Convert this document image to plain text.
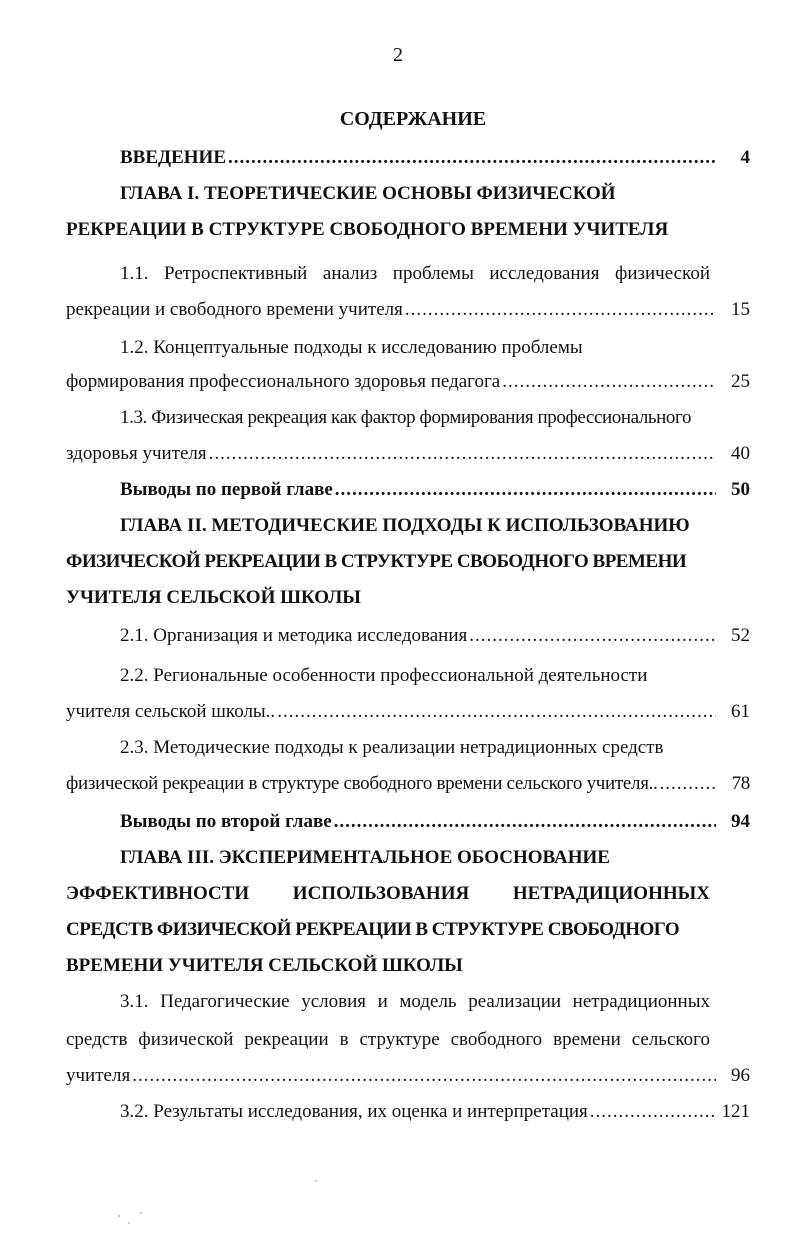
2
СОДЕРЖАНИЕ
ВВЕДЕНИЕ .....	4
ГЛАВА I. ТЕОРЕТИЧЕСКИЕ ОСНОВЫ ФИЗИЧЕСКОЙ
РЕКРЕАЦИИ В СТРУКТУРЕ СВОБОДНОГО ВРЕМЕНИ УЧИТЕЛЯ
1.1. Ретроспективный анализ проблемы исследования физической
рекреации и свободного времени учителя .....	15
1.2. Концептуальные подходы к исследованию проблемы
формирования профессионального здоровья педагога .....	25
1.3. Физическая рекреация как фактор формирования профессионального
здоровья учителя .....	40
Выводы по первой главе .....	50
ГЛАВА II. МЕТОДИЧЕСКИЕ ПОДХОДЫ К ИСПОЛЬЗОВАНИЮ
ФИЗИЧЕСКОЙ РЕКРЕАЦИИ В СТРУКТУРЕ СВОБОДНОГО ВРЕМЕНИ
УЧИТЕЛЯ СЕЛЬСКОЙ ШКОЛЫ
2.1. Организация и методика исследования .....	52
2.2. Региональные особенности профессиональной деятельности
учителя сельской школы.. .....	61
2.3. Методические подходы к реализации нетрадиционных средств
физической рекреации в структуре свободного времени сельского учителя.. .....	78
Выводы по второй главе .....	94
ГЛАВА III. ЭКСПЕРИМЕНТАЛЬНОЕ ОБОСНОВАНИЕ
ЭФФЕКТИВНОСТИ ИСПОЛЬЗОВАНИЯ НЕТРАДИЦИОННЫХ
СРЕДСТВ ФИЗИЧЕСКОЙ РЕКРЕАЦИИ В СТРУКТУРЕ СВОБОДНОГО
ВРЕМЕНИ УЧИТЕЛЯ СЕЛЬСКОЙ ШКОЛЫ
3.1. Педагогические условия и модель реализации нетрадиционных
средств физической рекреации в структуре свободного времени сельского
учителя .....	96
3.2. Результаты исследования, их оценка и интерпретация .....	121
